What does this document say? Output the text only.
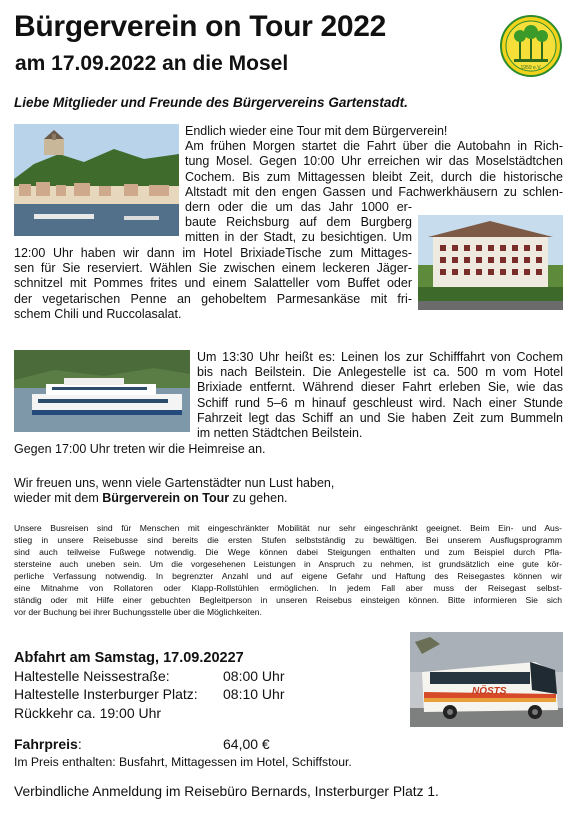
Bürgerverein on Tour 2022
am 17.09.2022 an die Mosel
Liebe Mitglieder und Freunde des Bürgervereins Gartenstadt.
1959 e.V.
NÖSTS
Endlich wieder eine Tour mit dem Bürgerverein!
Am frühen Morgen startet die Fahrt über die Autobahn in Rich-
tung Mosel. Gegen 10:00 Uhr erreichen wir das Moselstädtchen
Cochem. Bis zum Mittagessen bleibt Zeit, durch die historische
Altstadt mit den engen Gassen und Fachwerkhäusern zu schlen-
dern oder die um das Jahr 1000 er-
baute Reichsburg auf dem Burgberg
mitten in der Stadt, zu besichtigen. Um
12:00 Uhr haben wir dann im Hotel BrixiadeTische zum Mittages-
sen für Sie reserviert. Wählen Sie zwischen einem leckeren Jäger-
schnitzel mit Pommes frites und einem Salatteller vom Buffet oder
der vegetarischen Penne an gehobeltem Parmesankäse mit fri-
schem Chili und Ruccolasalat.
Um 13:30 Uhr heißt es: Leinen los zur Schifffahrt von Cochem
bis nach Beilstein. Die Anlegestelle ist ca. 500 m vom Hotel
Brixiade entfernt. Während dieser Fahrt erleben Sie, wie das
Schiff rund 5–6 m hinauf geschleust wird. Nach einer Stunde
Fahrzeit legt das Schiff an und Sie haben Zeit zum Bummeln
im netten Städtchen Beilstein.
Gegen 17:00 Uhr treten wir die Heimreise an.
Wir freuen uns, wenn viele Gartenstädter nun Lust haben,
wieder mit dem Bürgerverein on Tour zu gehen.
Unsere Busreisen sind für Menschen mit eingeschränkter Mobilität nur sehr eingeschränkt geeignet. Beim Ein- und Aus-
stieg in unsere Reisebusse sind bereits die ersten Stufen selbstständig zu bewältigen. Bei unserem Ausflugsprogramm
sind auch teilweise Fußwege notwendig. Die Wege können dabei Steigungen enthalten und zum Beispiel durch Pfla-
stersteine auch uneben sein. Um die vorgesehenen Leistungen in Anspruch zu nehmen, ist grundsätzlich eine gute kör-
perliche Verfassung notwendig. In begrenzter Anzahl und auf eigene Gefahr und Haftung des Reisegastes können wir
eine Mitnahme von Rollatoren oder Klapp-Rollstühlen ermöglichen. In jedem Fall aber muss der Reisegast selbst-
ständig oder mit Hilfe einer gebuchten Begleitperson in unseren Reisebus einsteigen können. Bitte informieren Sie sich
vor der Buchung bei ihrer Buchungsstelle über die Möglichkeiten.
Abfahrt am Samstag, 17.09.20227
Haltestelle Neissestraße:	08:00 Uhr
Haltestelle Insterburger Platz: 08:10 Uhr
Rückkehr ca. 19:00 Uhr
Fahrpreis:	64,00 €
Im Preis enthalten: Busfahrt, Mittagessen im Hotel, Schiffstour.
Verbindliche Anmeldung im Reisebüro Bernards, Insterburger Platz 1.
